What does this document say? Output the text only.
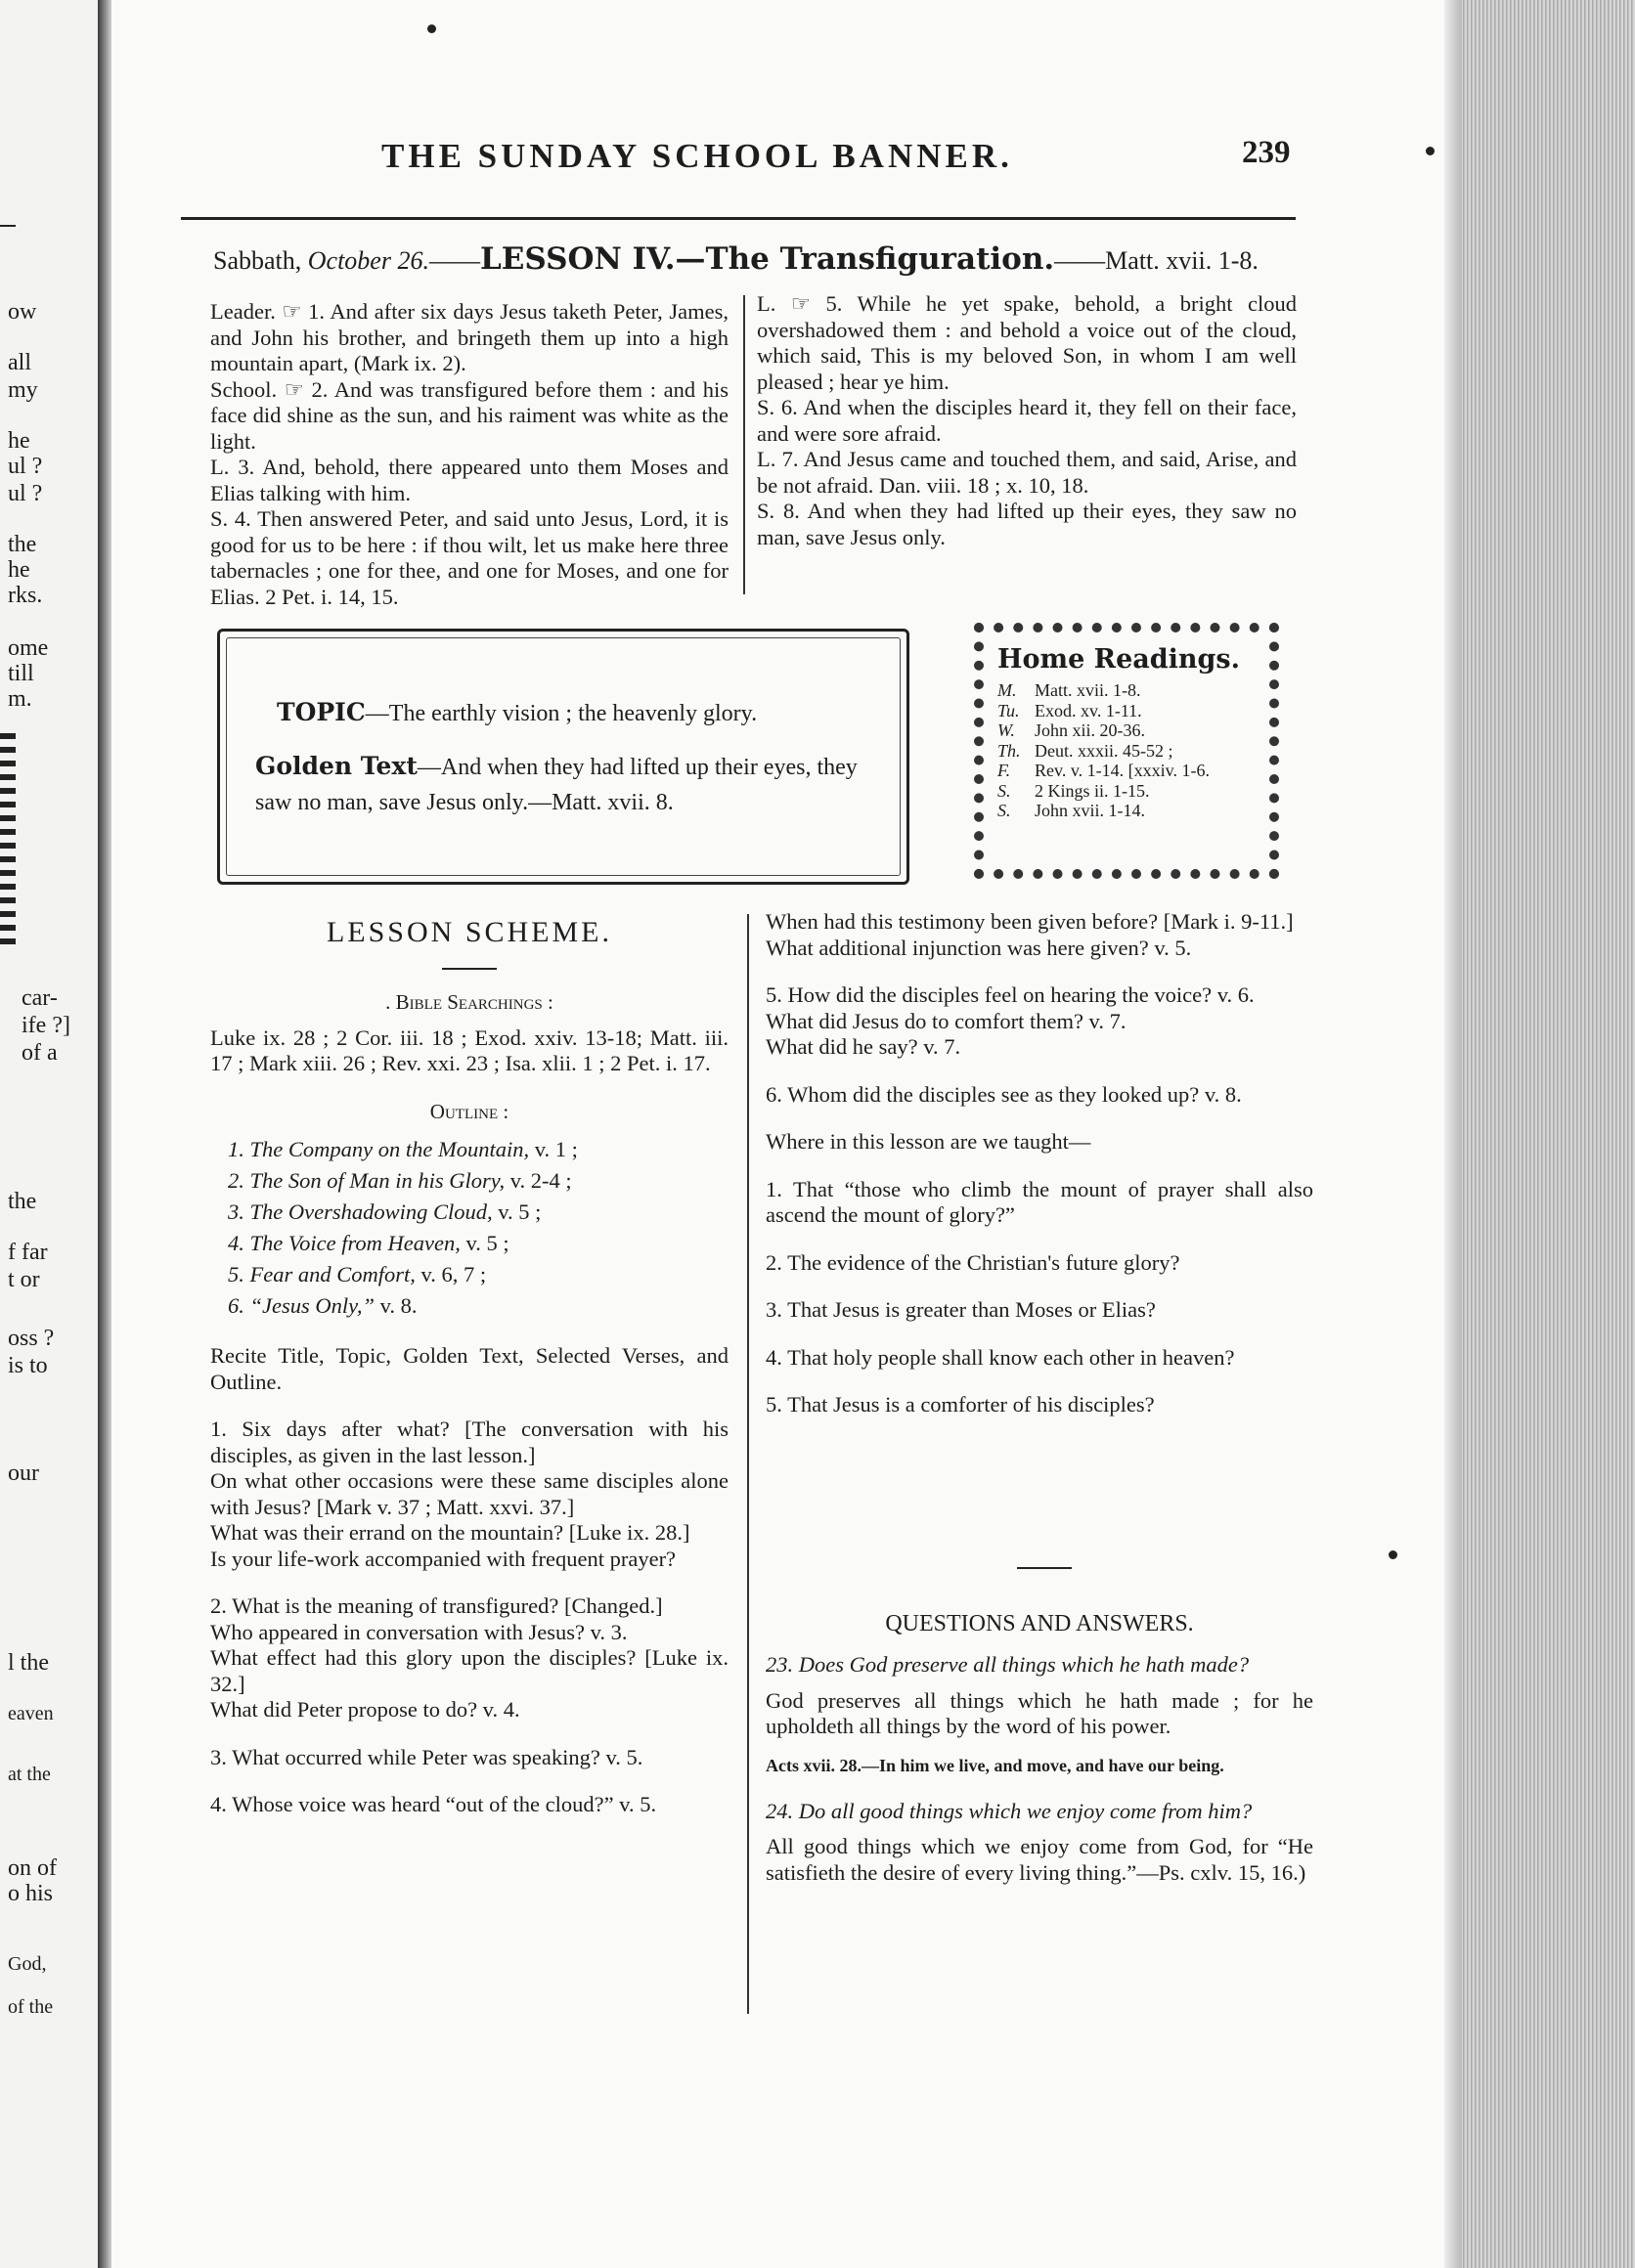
ow
all
my
he
ul ?
ul ?
the
he
rks.
ome
till
m.
car-
ife ?]
of a
the
f far
t or
oss ?
is to
our
l the
eaven
at the
on of
o his
God,
of the
THE SUNDAY SCHOOL BANNER.	239
Sabbath, October 26.——LESSON IV.—The Transfiguration.——Matt. xvii. 1-8.

Leader. ☞ 1. And after six days Jesus taketh Peter, James, and John his brother, and bringeth them up into a high mountain apart, (Mark ix. 2).

School. ☞ 2. And was transfigured before them : and his face did shine as the sun, and his raiment was white as the light.

L. 3. And, behold, there appeared unto them Moses and Elias talking with him.

S. 4. Then answered Peter, and said unto Jesus, Lord, it is good for us to be here : if thou wilt, let us make here three tabernacles ; one for thee, and one for Moses, and one for Elias. 2 Pet. i. 14, 15.

L. ☞ 5. While he yet spake, behold, a bright cloud overshadowed them : and behold a voice out of the cloud, which said, This is my beloved Son, in whom I am well pleased ; hear ye him.

S. 6. And when the disciples heard it, they fell on their face, and were sore afraid.

L. 7. And Jesus came and touched them, and said, Arise, and be not afraid. Dan. viii. 18 ; x. 10, 18.

S. 8. And when they had lifted up their eyes, they saw no man, save Jesus only.

TOPIC—The earthly vision ; the heavenly glory.
Golden Text—And when they had lifted up their eyes, they saw no man, save Jesus only.—Matt. xvii. 8.
Home Readings.
M. Matt. xvii. 1-8.
Tu. Exod. xv. 1-11.
W. John xii. 20-36.
Th. Deut. xxxii. 45-52 ;
F. Rev. v. 1-14. [xxxiv. 1-6.
S. 2 Kings ii. 1-15.
S. John xvii. 1-14.
LESSON SCHEME.

. Bible Searchings :

Luke ix. 28 ; 2 Cor. iii. 18 ; Exod. xxiv. 13-18; Matt. iii. 17 ; Mark xiii. 26 ; Rev. xxi. 23 ; Isa. xlii. 1 ; 2 Pet. i. 17.

Outline :

1. The Company on the Mountain, v. 1 ;
2. The Son of Man in his Glory, v. 2-4 ;
3. The Overshadowing Cloud, v. 5 ;
4. The Voice from Heaven, v. 5 ;
5. Fear and Comfort, v. 6, 7 ;
6. “Jesus Only,” v. 8.

Recite Title, Topic, Golden Text, Selected Verses, and Outline.

1. Six days after what? [The conversation with his disciples, as given in the last lesson.]

On what other occasions were these same disciples alone with Jesus? [Mark v. 37 ; Matt. xxvi. 37.]

What was their errand on the mountain? [Luke ix. 28.]

Is your life-work accompanied with frequent prayer?

2. What is the meaning of transfigured? [Changed.]

Who appeared in conversation with Jesus? v. 3.

What effect had this glory upon the disciples? [Luke ix. 32.]

What did Peter propose to do? v. 4.

3. What occurred while Peter was speaking? v. 5.

4. Whose voice was heard “out of the cloud?” v. 5.

When had this testimony been given before? [Mark i. 9-11.]

What additional injunction was here given? v. 5.

5. How did the disciples feel on hearing the voice? v. 6.

What did Jesus do to comfort them? v. 7.

What did he say? v. 7.

6. Whom did the disciples see as they looked up? v. 8.

Where in this lesson are we taught—

1. That “those who climb the mount of prayer shall also ascend the mount of glory?”

2. The evidence of the Christian's future glory?

3. That Jesus is greater than Moses or Elias?

4. That holy people shall know each other in heaven?

5. That Jesus is a comforter of his disciples?

QUESTIONS AND ANSWERS.

23. Does God preserve all things which he hath made?

God preserves all things which he hath made ; for he upholdeth all things by the word of his power.

Acts xvii. 28.—In him we live, and move, and have our being.

24. Do all good things which we enjoy come from him?

All good things which we enjoy come from God, for “He satisfieth the desire of every living thing.”—Ps. cxlv. 15, 16.)
